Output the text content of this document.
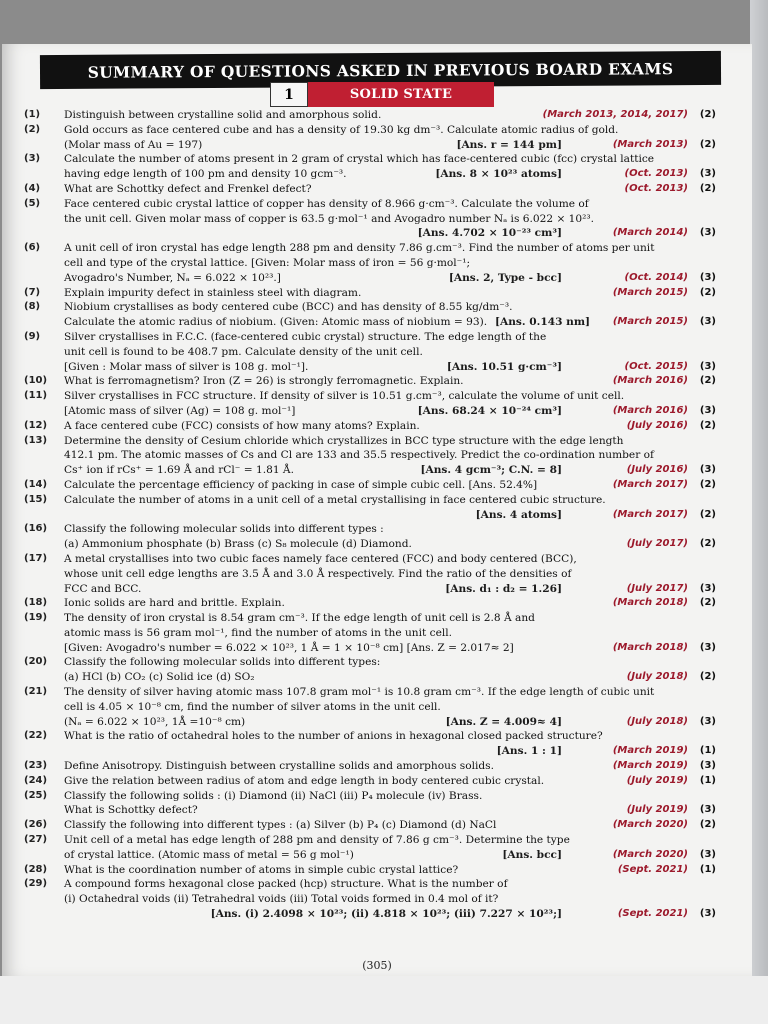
SUMMARY OF QUESTIONS ASKED IN PREVIOUS BOARD EXAMS
1	SOLID STATE
(1)	Distinguish between crystalline solid and amorphous solid.	(March 2013, 2014, 2017)	(2)
(2)	Gold occurs as face centered cube and has a density of 19.30 kg dm⁻³. Calculate atomic radius of gold.
(Molar mass of Au = 197)	[Ans. r = 144 pm]	(March 2013)	(2)
(3)	Calculate the number of atoms present in 2 gram of crystal which has face-centered cubic (fcc) crystal lattice
having edge length of 100 pm and density 10 gcm⁻³.	[Ans. 8 × 10²³ atoms]	(Oct. 2013)	(3)
(4)	What are Schottky defect and Frenkel defect?	(Oct. 2013)	(2)
(5)	Face centered cubic crystal lattice of copper has density of 8.966 g·cm⁻³. Calculate the volume of
the unit cell. Given molar mass of copper is 63.5 g·mol⁻¹ and Avogadro number Nₐ is 6.022 × 10²³.
[Ans. 4.702 × 10⁻²³ cm³]	(March 2014)	(3)
(6)	A unit cell of iron crystal has edge length 288 pm and density 7.86 g.cm⁻³. Find the number of atoms per unit
cell and type of the crystal lattice. [Given: Molar mass of iron = 56 g·mol⁻¹;
Avogadro's Number, Nₐ = 6.022 × 10²³.]	[Ans. 2, Type - bcc]	(Oct. 2014)	(3)
(7)	Explain impurity defect in stainless steel with diagram.	(March 2015)	(2)
(8)	Niobium crystallises as body centered cube (BCC) and has density of 8.55 kg/dm⁻³.
Calculate the atomic radius of niobium. (Given: Atomic mass of niobium = 93). [Ans. 0.143 nm] (March 2015)	(3)
(9)	Silver crystallises in F.C.C. (face-centered cubic crystal) structure. The edge length of the
unit cell is found to be 408.7 pm. Calculate density of the unit cell.
[Given : Molar mass of silver is 108 g. mol⁻¹].	[Ans. 10.51 g·cm⁻³]	(Oct. 2015)	(3)
(10)	What is ferromagnetism? Iron (Z = 26) is strongly ferromagnetic. Explain.	(March 2016)	(2)
(11)	Silver crystallises in FCC structure. If density of silver is 10.51 g.cm⁻³, calculate the volume of unit cell.
[Atomic mass of silver (Ag) = 108 g. mol⁻¹]	[Ans. 68.24 × 10⁻²⁴ cm³]	(March 2016)	(3)
(12)	A face centered cube (FCC) consists of how many atoms? Explain.	(July 2016)	(2)
(13)	Determine the density of Cesium chloride which crystallizes in BCC type structure with the edge length
412.1 pm. The atomic masses of Cs and Cl are 133 and 35.5 respectively. Predict the co-ordination number of
Cs⁺ ion if rCs⁺ = 1.69 Å and rCl⁻ = 1.81 Å.	[Ans. 4 gcm⁻³; C.N. = 8]	(July 2016)	(3)
(14)	Calculate the percentage efficiency of packing in case of simple cubic cell. [Ans. 52.4%]	(March 2017)	(2)
(15)	Calculate the number of atoms in a unit cell of a metal crystallising in face centered cubic structure.
[Ans. 4 atoms]	(March 2017)	(2)
(16)	Classify the following molecular solids into different types :
(a) Ammonium phosphate (b) Brass (c) S₈ molecule (d) Diamond.	(July 2017)	(2)
(17)	A metal crystallises into two cubic faces namely face centered (FCC) and body centered (BCC),
whose unit cell edge lengths are 3.5 Å and 3.0 Å respectively. Find the ratio of the densities of
FCC and BCC.	[Ans. d₁ : d₂ = 1.26]	(July 2017)	(3)
(18)	Ionic solids are hard and brittle. Explain.	(March 2018)	(2)
(19)	The density of iron crystal is 8.54 gram cm⁻³. If the edge length of unit cell is 2.8 Å and
atomic mass is 56 gram mol⁻¹, find the number of atoms in the unit cell.
[Given: Avogadro's number = 6.022 × 10²³, 1 Å = 1 × 10⁻⁸ cm] [Ans. Z = 2.017≈ 2]	(March 2018)	(3)
(20)	Classify the following molecular solids into different types:
(a) HCl (b) CO₂ (c) Solid ice (d) SO₂	(July 2018)	(2)
(21)	The density of silver having atomic mass 107.8 gram mol⁻¹ is 10.8 gram cm⁻³. If the edge length of cubic unit
cell is 4.05 × 10⁻⁸ cm, find the number of silver atoms in the unit cell.
(Nₐ = 6.022 × 10²³, 1Å =10⁻⁸ cm)	[Ans. Z = 4.009≈ 4]	(July 2018)	(3)
(22)	What is the ratio of octahedral holes to the number of anions in hexagonal closed packed structure?
[Ans. 1 : 1]	(March 2019)	(1)
(23)	Define Anisotropy. Distinguish between crystalline solids and amorphous solids.	(March 2019)	(3)
(24)	Give the relation between radius of atom and edge length in body centered cubic crystal.	(July 2019)	(1)
(25)	Classify the following solids : (i) Diamond (ii) NaCl (iii) P₄ molecule (iv) Brass.
What is Schottky defect?	(July 2019)	(3)
(26)	Classify the following into different types : (a) Silver (b) P₄ (c) Diamond (d) NaCl	(March 2020)	(2)
(27)	Unit cell of a metal has edge length of 288 pm and density of 7.86 g cm⁻³. Determine the type
of crystal lattice. (Atomic mass of metal = 56 g mol⁻¹)	[Ans. bcc]	(March 2020)	(3)
(28)	What is the coordination number of atoms in simple cubic crystal lattice?	(Sept. 2021)	(1)
(29)	A compound forms hexagonal close packed (hcp) structure. What is the number of
(i) Octahedral voids (ii) Tetrahedral voids (iii) Total voids formed in 0.4 mol of it?
[Ans. (i) 2.4098 × 10²³; (ii) 4.818 × 10²³; (iii) 7.227 × 10²³;]	(Sept. 2021)	(3)
(305)
